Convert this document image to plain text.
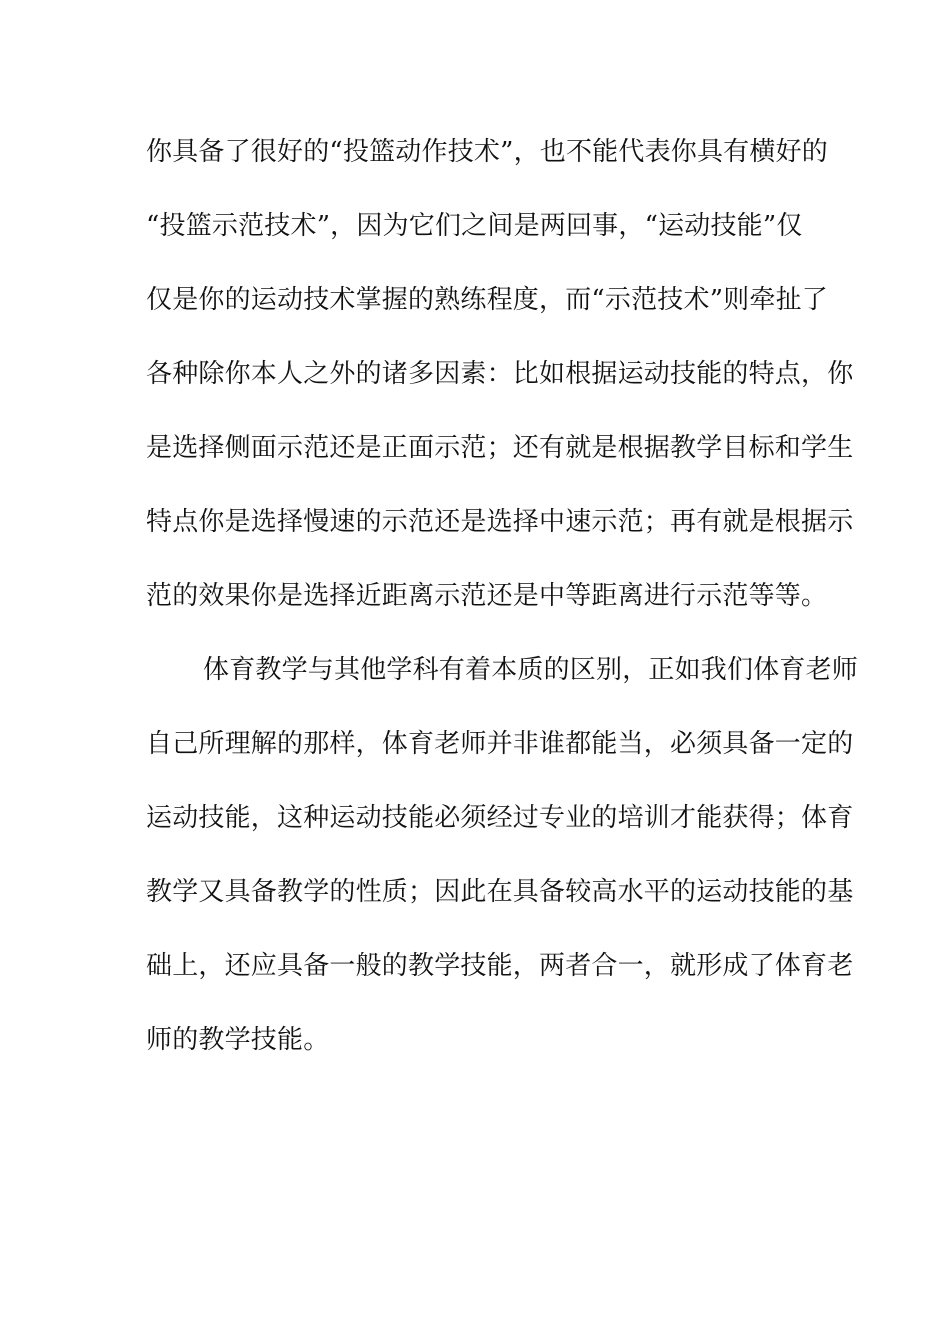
你具备了很好的“投篮动作技术”，也不能代表你具有横好的
“投篮示范技术”，因为它们之间是两回事，“运动技能”仅
仅是你的运动技术掌握的熟练程度，而“示范技术”则牵扯了
各种除你本人之外的诸多因素：比如根据运动技能的特点，你
是选择侧面示范还是正面示范；还有就是根据教学目标和学生
特点你是选择慢速的示范还是选择中速示范；再有就是根据示
范的效果你是选择近距离示范还是中等距离进行示范等等。
体育教学与其他学科有着本质的区别，正如我们体育老师
自己所理解的那样，体育老师并非谁都能当，必须具备一定的
运动技能，这种运动技能必须经过专业的培训才能获得；体育
教学又具备教学的性质；因此在具备较高水平的运动技能的基
础上，还应具备一般的教学技能，两者合一，就形成了体育老
师的教学技能。
